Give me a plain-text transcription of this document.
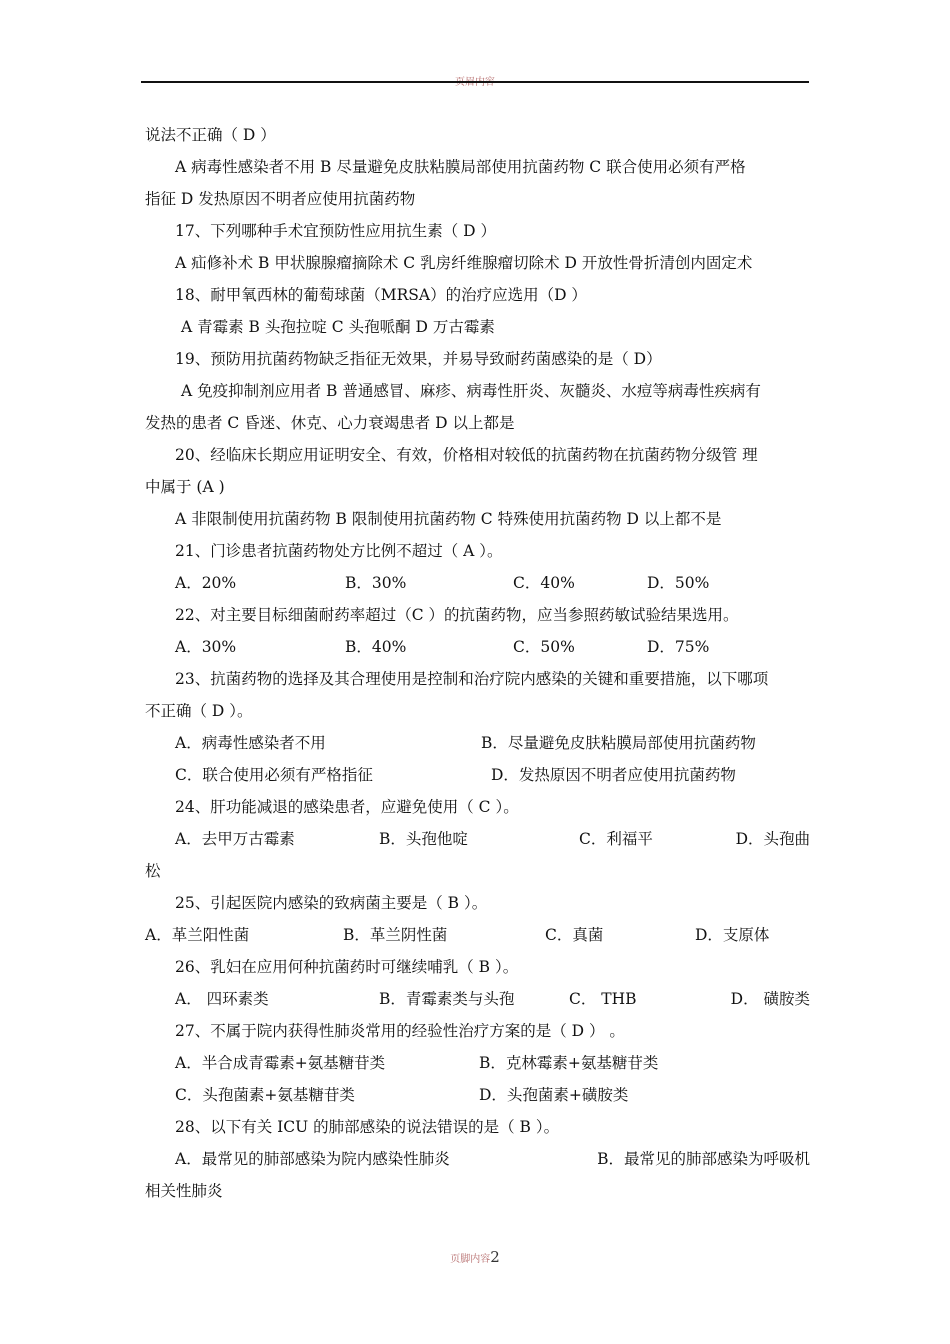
页眉内容
说法不正确（ D ）
A 病毒性感染者不用 B 尽量避免皮肤粘膜局部使用抗菌药物 C 联合使用必须有严格
指征 D 发热原因不明者应使用抗菌药物
17、下列哪种手术宜预防性应用抗生素（ D ）
A 疝修补术 B 甲状腺腺瘤摘除术 C 乳房纤维腺瘤切除术 D 开放性骨折清创内固定术
18、耐甲氧西林的葡萄球菌（MRSA）的治疗应选用（D ）
A 青霉素 B 头孢拉啶 C 头孢哌酮 D 万古霉素
19、预防用抗菌药物缺乏指征无效果，并易导致耐药菌感染的是（ D）
A 免疫抑制剂应用者 B 普通感冒、麻疹、病毒性肝炎、灰髓炎、水痘等病毒性疾病有
发热的患者 C 昏迷、休克、心力衰竭患者 D 以上都是
20、经临床长期应用证明安全、有效，价格相对较低的抗菌药物在抗菌药物分级管 理
中属于 (A )
A 非限制使用抗菌药物 B 限制使用抗菌药物 C 特殊使用抗菌药物 D 以上都不是
21、门诊患者抗菌药物处方比例不超过（ A ）。
A．20%	B．30%	C．40%	D．50%
22、对主要目标细菌耐药率超过（C ）的抗菌药物，应当参照药敏试验结果选用。
A．30%	B．40%	C．50%	D．75%
23、抗菌药物的选择及其合理使用是控制和治疗院内感染的关键和重要措施，以下哪项
不正确（ D ）。
A．病毒性感染者不用	B．尽量避免皮肤粘膜局部使用抗菌药物
C．联合使用必须有严格指征	D．发热原因不明者应使用抗菌药物
24、肝功能减退的感染患者，应避免使用（ C ）。
A．去甲万古霉素	B．头孢他啶	C．利福平	D．头孢曲
松
25、引起医院内感染的致病菌主要是（ B ）。
A．革兰阳性菌	B．革兰阴性菌	C．真菌	D．支原体
26、乳妇在应用何种抗菌药时可继续哺乳（ B ）。
A． 四环素类	B．青霉素类与头孢	C． THB	D． 磺胺类
27、不属于院内获得性肺炎常用的经验性治疗方案的是（ D ） 。
A．半合成青霉素+氨基糖苷类	B．克林霉素+氨基糖苷类
C．头孢菌素+氨基糖苷类	D．头孢菌素+磺胺类
28、以下有关 ICU 的肺部感染的说法错误的是（ B ）。
A．最常见的肺部感染为院内感染性肺炎	B．最常见的肺部感染为呼吸机
相关性肺炎
页脚内容2
